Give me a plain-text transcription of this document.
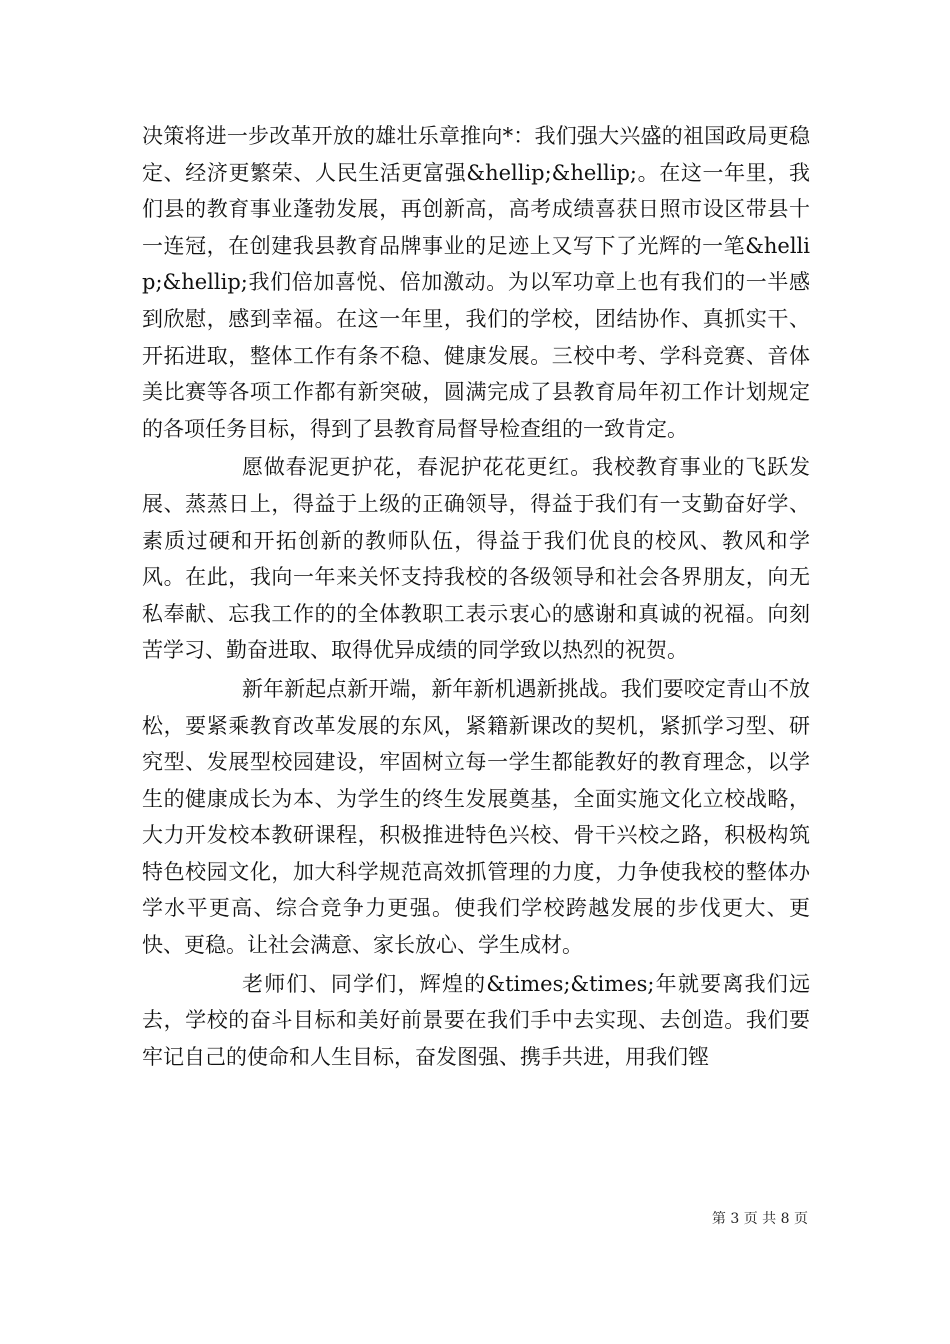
决策将进一步改革开放的雄壮乐章推向*：我们强大兴盛的祖国政局更稳定、经济更繁荣、人民生活更富强&hellip;&hellip;。在这一年里，我们县的教育事业蓬勃发展，再创新高，高考成绩喜获日照市设区带县十一连冠，在创建我县教育品牌事业的足迹上又写下了光辉的一笔&hellip;&hellip;我们倍加喜悦、倍加激动。为以军功章上也有我们的一半感到欣慰，感到幸福。在这一年里，我们的学校，团结协作、真抓实干、开拓进取，整体工作有条不稳、健康发展。三校中考、学科竞赛、音体美比赛等各项工作都有新突破，圆满完成了县教育局年初工作计划规定的各项任务目标，得到了县教育局督导检查组的一致肯定。

愿做春泥更护花，春泥护花花更红。我校教育事业的飞跃发展、蒸蒸日上，得益于上级的正确领导，得益于我们有一支勤奋好学、素质过硬和开拓创新的教师队伍，得益于我们优良的校风、教风和学风。在此，我向一年来关怀支持我校的各级领导和社会各界朋友，向无私奉献、忘我工作的的全体教职工表示衷心的感谢和真诚的祝福。向刻苦学习、勤奋进取、取得优异成绩的同学致以热烈的祝贺。

新年新起点新开端，新年新机遇新挑战。我们要咬定青山不放松，要紧乘教育改革发展的东风，紧籍新课改的契机，紧抓学习型、研究型、发展型校园建设，牢固树立每一学生都能教好的教育理念，以学生的健康成长为本、为学生的终生发展奠基，全面实施文化立校战略，大力开发校本教研课程，积极推进特色兴校、骨干兴校之路，积极构筑特色校园文化，加大科学规范高效抓管理的力度，力争使我校的整体办学水平更高、综合竞争力更强。使我们学校跨越发展的步伐更大、更快、更稳。让社会满意、家长放心、学生成材。

老师们、同学们，辉煌的&times;&times;年就要离我们远去，学校的奋斗目标和美好前景要在我们手中去实现、去创造。我们要牢记自己的使命和人生目标，奋发图强、携手共进，用我们铿

第 3 页 共 8 页
